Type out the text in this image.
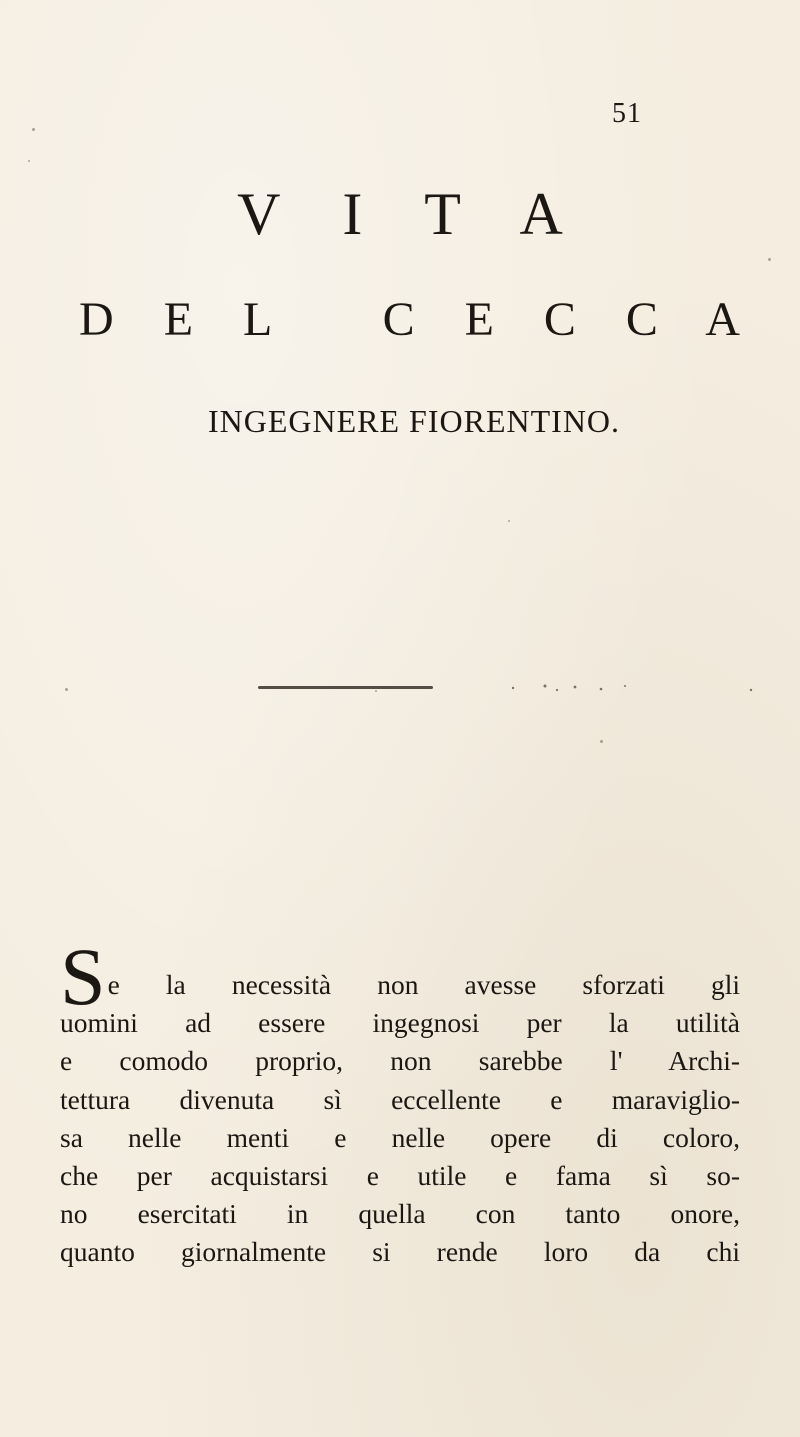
51
V I T A
D E L   C E C C A
INGEGNERE FIORENTINO.
S e la necessità non avesse sforzati gli
uomini ad essere ingegnosi per la utilità
e comodo proprio, non sarebbe l' Archi-
tettura divenuta sì eccellente e maraviglio-
sa nelle menti e nelle opere di coloro,
che per acquistarsi e utile e fama sì so-
no esercitati in quella con tanto onore,
quanto giornalmente si rende loro da chi
